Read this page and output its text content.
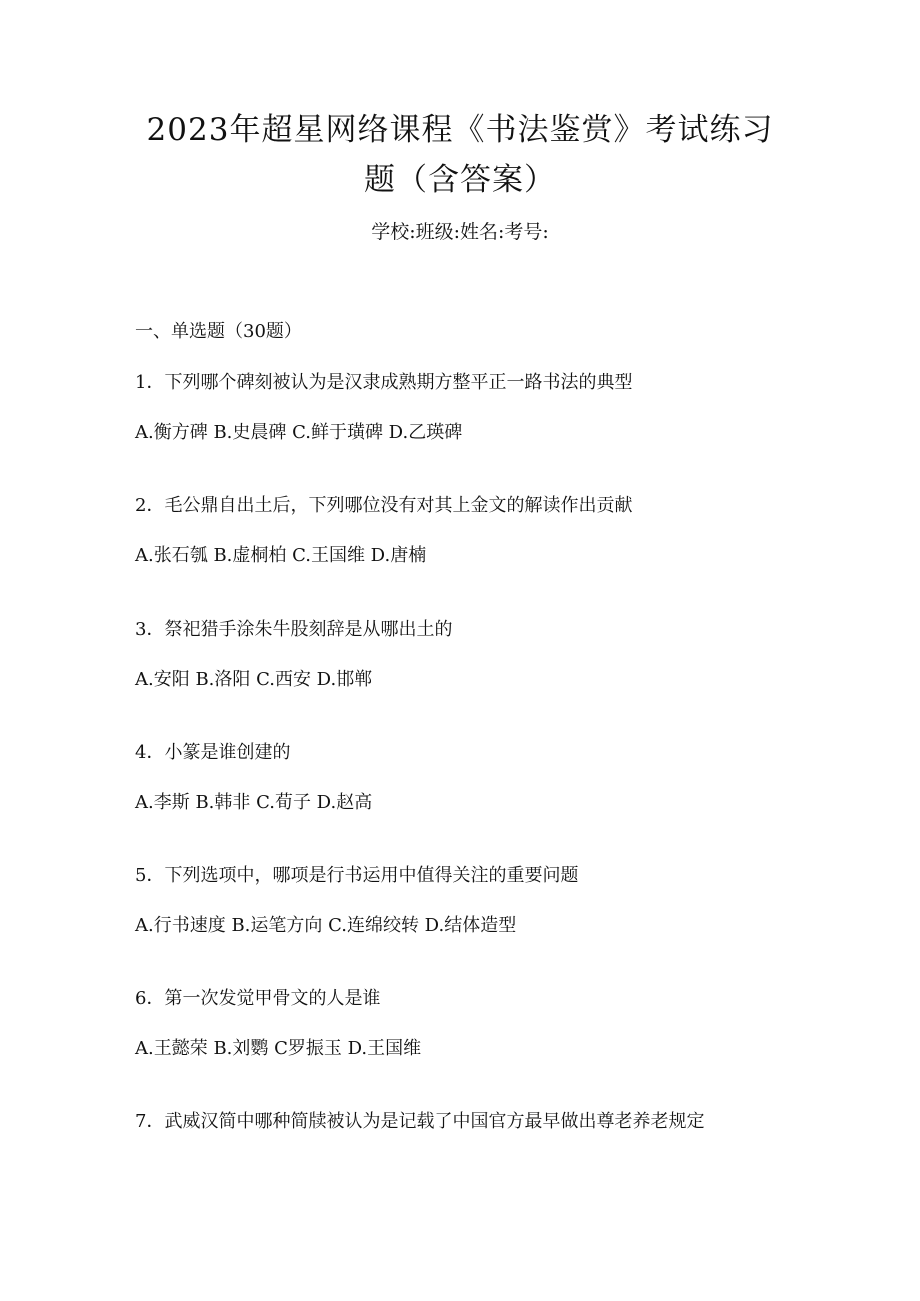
2023年超星网络课程《书法鉴赏》考试练习
题（含答案）
学校:班级:姓名:考号:
一、单选题（30题）
1．下列哪个碑刻被认为是汉隶成熟期方整平正一路书法的典型
A.衡方碑 B.史晨碑 C.鲜于璜碑 D.乙瑛碑
2．毛公鼎自出土后，下列哪位没有对其上金文的解读作出贡献
A.张石瓠 B.虚桐柏 C.王国维 D.唐楠
3．祭祀猎手涂朱牛股刻辞是从哪出土的
A.安阳 B.洛阳 C.西安 D.邯郸
4．小篆是谁创建的
A.李斯 B.韩非 C.荀子 D.赵高
5．下列选项中，哪项是行书运用中值得关注的重要问题
A.行书速度 B.运笔方向 C.连绵绞转 D.结体造型
6．第一次发觉甲骨文的人是谁
A.王懿荣 B.刘鹦 C罗振玉 D.王国维
7．武威汉简中哪种简牍被认为是记载了中国官方最早做出尊老养老规定
